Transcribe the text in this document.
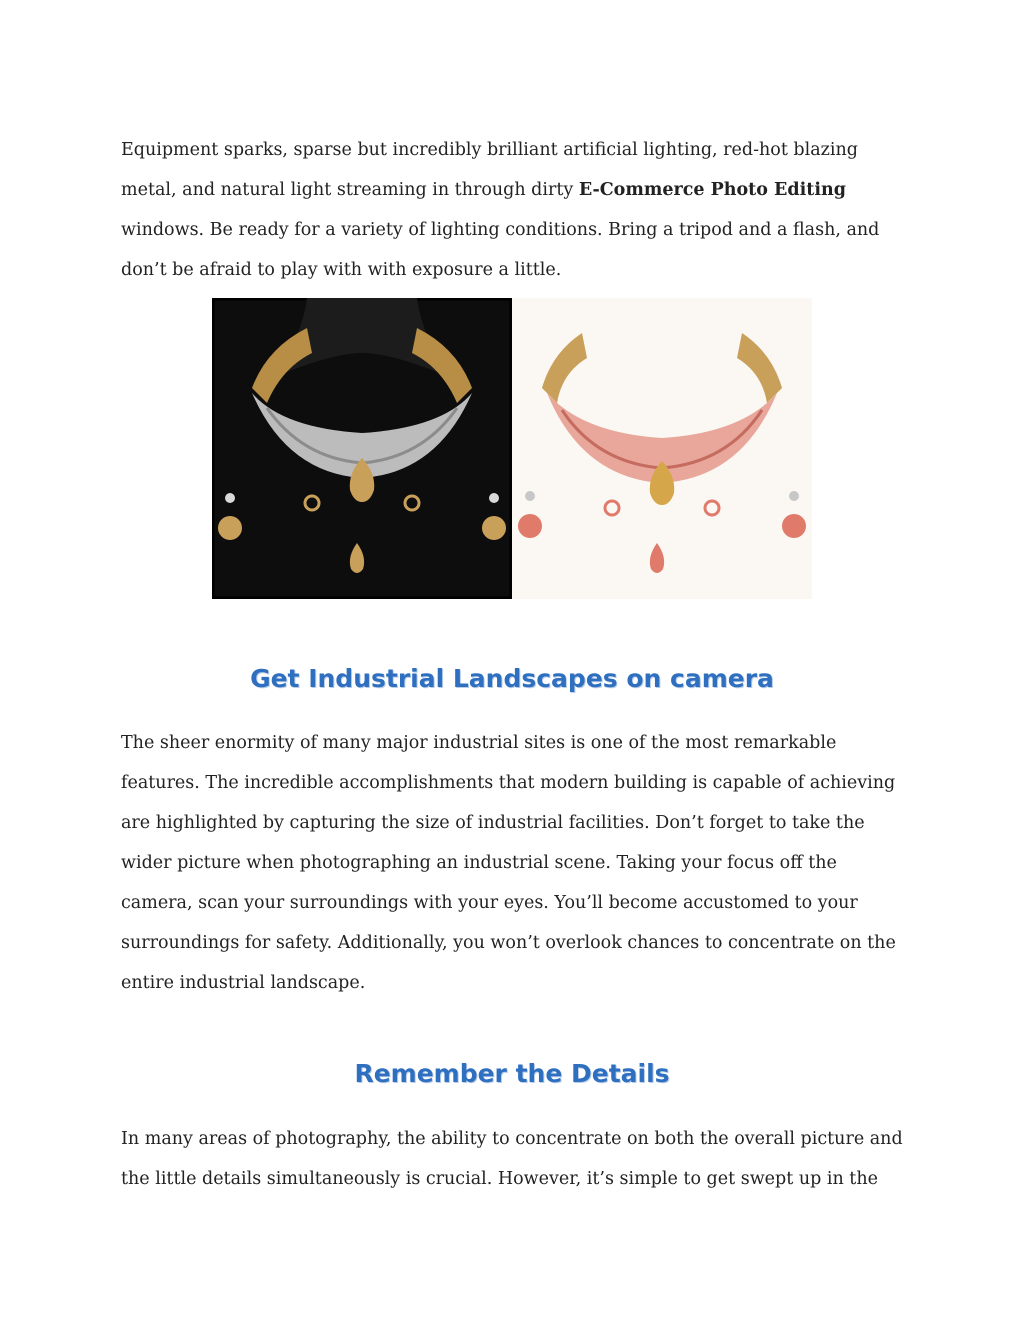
Equipment sparks, sparse but incredibly brilliant artificial lighting, red-hot blazing metal, and natural light streaming in through dirty E-Commerce Photo Editing windows. Be ready for a variety of lighting conditions. Bring a tripod and a flash, and don’t be afraid to play with with exposure a little.

Get Industrial Landscapes on camera

The sheer enormity of many major industrial sites is one of the most remarkable features. The incredible accomplishments that modern building is capable of achieving are highlighted by capturing the size of industrial facilities. Don’t forget to take the wider picture when photographing an industrial scene. Taking your focus off the camera, scan your surroundings with your eyes. You’ll become accustomed to your surroundings for safety. Additionally, you won’t overlook chances to concentrate on the entire industrial landscape.

Remember the Details

In many areas of photography, the ability to concentrate on both the overall picture and the little details simultaneously is crucial. However, it’s simple to get swept up in the
